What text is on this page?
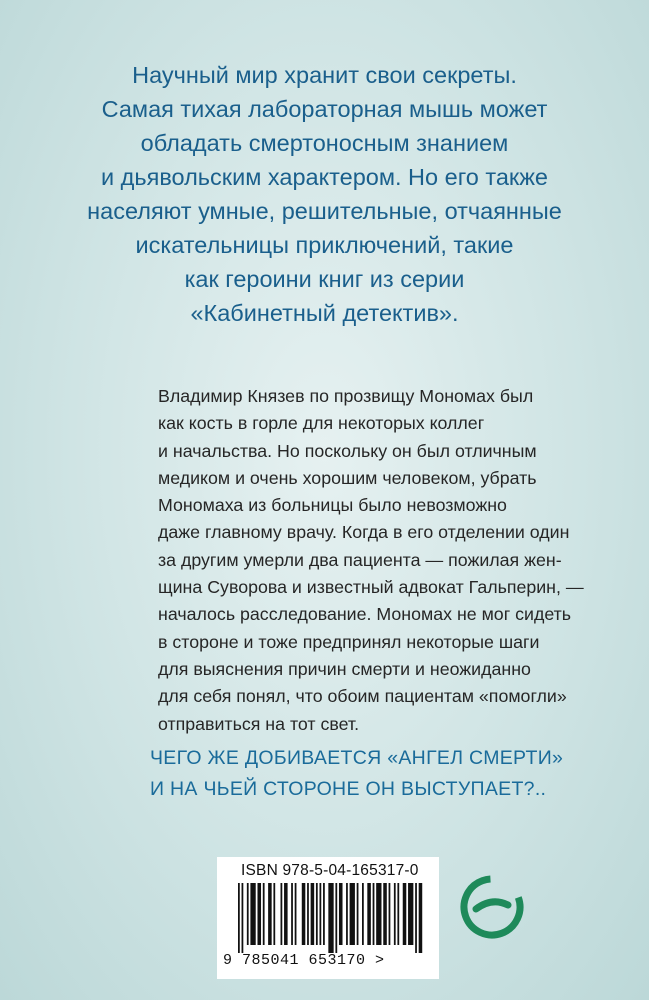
Научный мир хранит свои секреты.
Самая тихая лабораторная мышь может
обладать смертоносным знанием
и дьявольским характером. Но его также
населяют умные, решительные, отчаянные
искательницы приключений, такие
как героини книг из серии
«Кабинетный детектив».
Владимир Князев по прозвищу Мономах был
как кость в горле для некоторых коллег
и начальства. Но поскольку он был отличным
медиком и очень хорошим человеком, убрать
Мономаха из больницы было невозможно
даже главному врачу. Когда в его отделении один
за другим умерли два пациента — пожилая жен-
щина Суворова и известный адвокат Гальперин, —
началось расследование. Мономах не мог сидеть
в стороне и тоже предпринял некоторые шаги
для выяснения причин смерти и неожиданно
для себя понял, что обоим пациентам «помогли»
отправиться на тот свет.
ЧЕГО ЖЕ ДОБИВАЕТСЯ «АНГЕЛ СМЕРТИ»
И НА ЧЬЕЙ СТОРОНЕ ОН ВЫСТУПАЕТ?..
ISBN 978-5-04-165317-0
9 785041 653170 >
